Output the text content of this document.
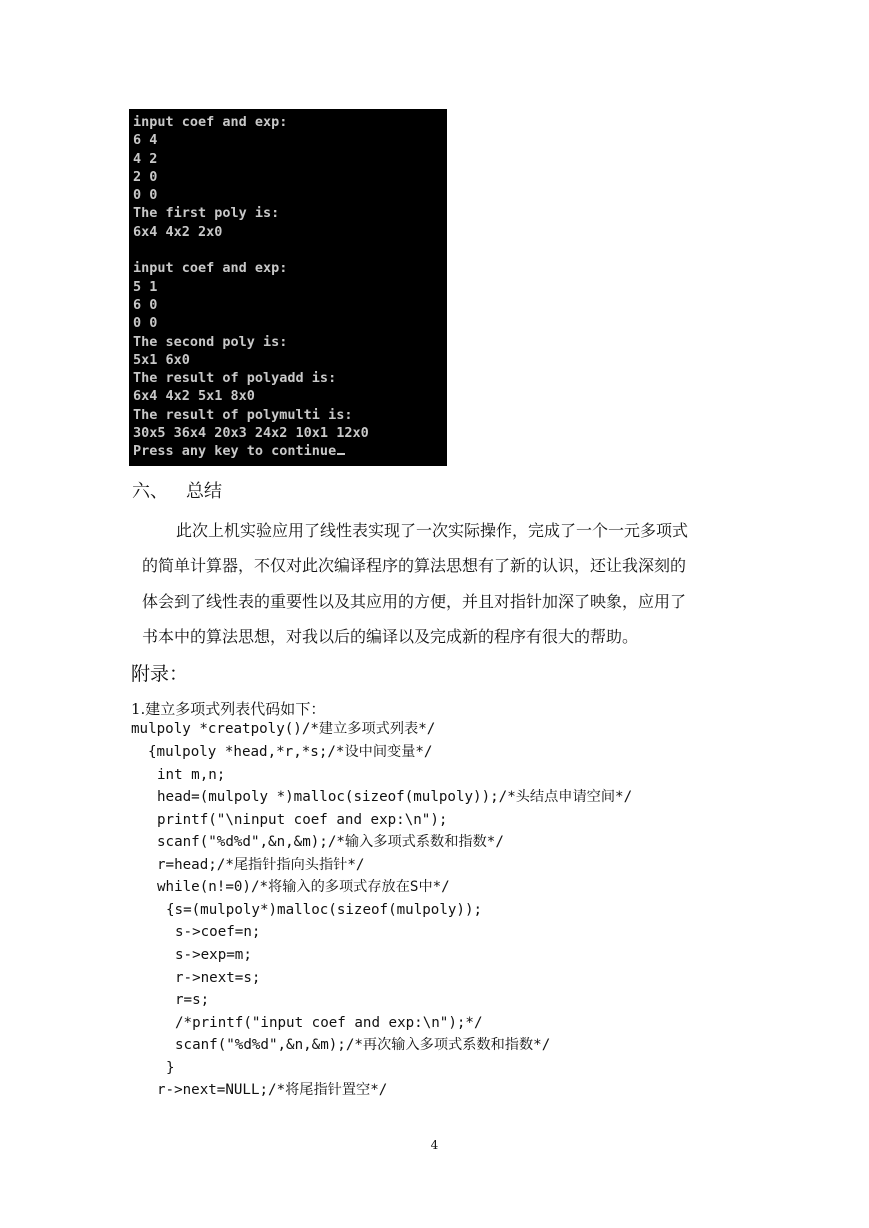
input coef and exp:
6 4
4 2
2 0
0 0
The first poly is:
6x4 4x2 2x0
input coef and exp:
5 1
6 0
0 0
The second poly is:
5x1 6x0
The result of polyadd is:
6x4 4x2 5x1 8x0
The result of polymulti is:
30x5 36x4 20x3 24x2 10x1 12x0
Press any key to continue
六、 总结
此次上机实验应用了线性表实现了一次实际操作，完成了一个一元多项式
的简单计算器，不仅对此次编译程序的算法思想有了新的认识，还让我深刻的
体会到了线性表的重要性以及其应用的方便，并且对指针加深了映象，应用了
书本中的算法思想，对我以后的编译以及完成新的程序有很大的帮助。
附录：
1.建立多项式列表代码如下：
mulpoly *creatpoly()/*建立多项式列表*/
{mulpoly *head,*r,*s;/*设中间变量*/
int m,n;
head=(mulpoly *)malloc(sizeof(mulpoly));/*头结点申请空间*/
printf("\ninput coef and exp:\n");
scanf("%d%d",&n,&m);/*输入多项式系数和指数*/
r=head;/*尾指针指向头指针*/
while(n!=0)/*将输入的多项式存放在S中*/
{s=(mulpoly*)malloc(sizeof(mulpoly));
s->coef=n;
s->exp=m;
r->next=s;
r=s;
/*printf("input coef and exp:\n");*/
scanf("%d%d",&n,&m);/*再次输入多项式系数和指数*/
}
r->next=NULL;/*将尾指针置空*/
4
